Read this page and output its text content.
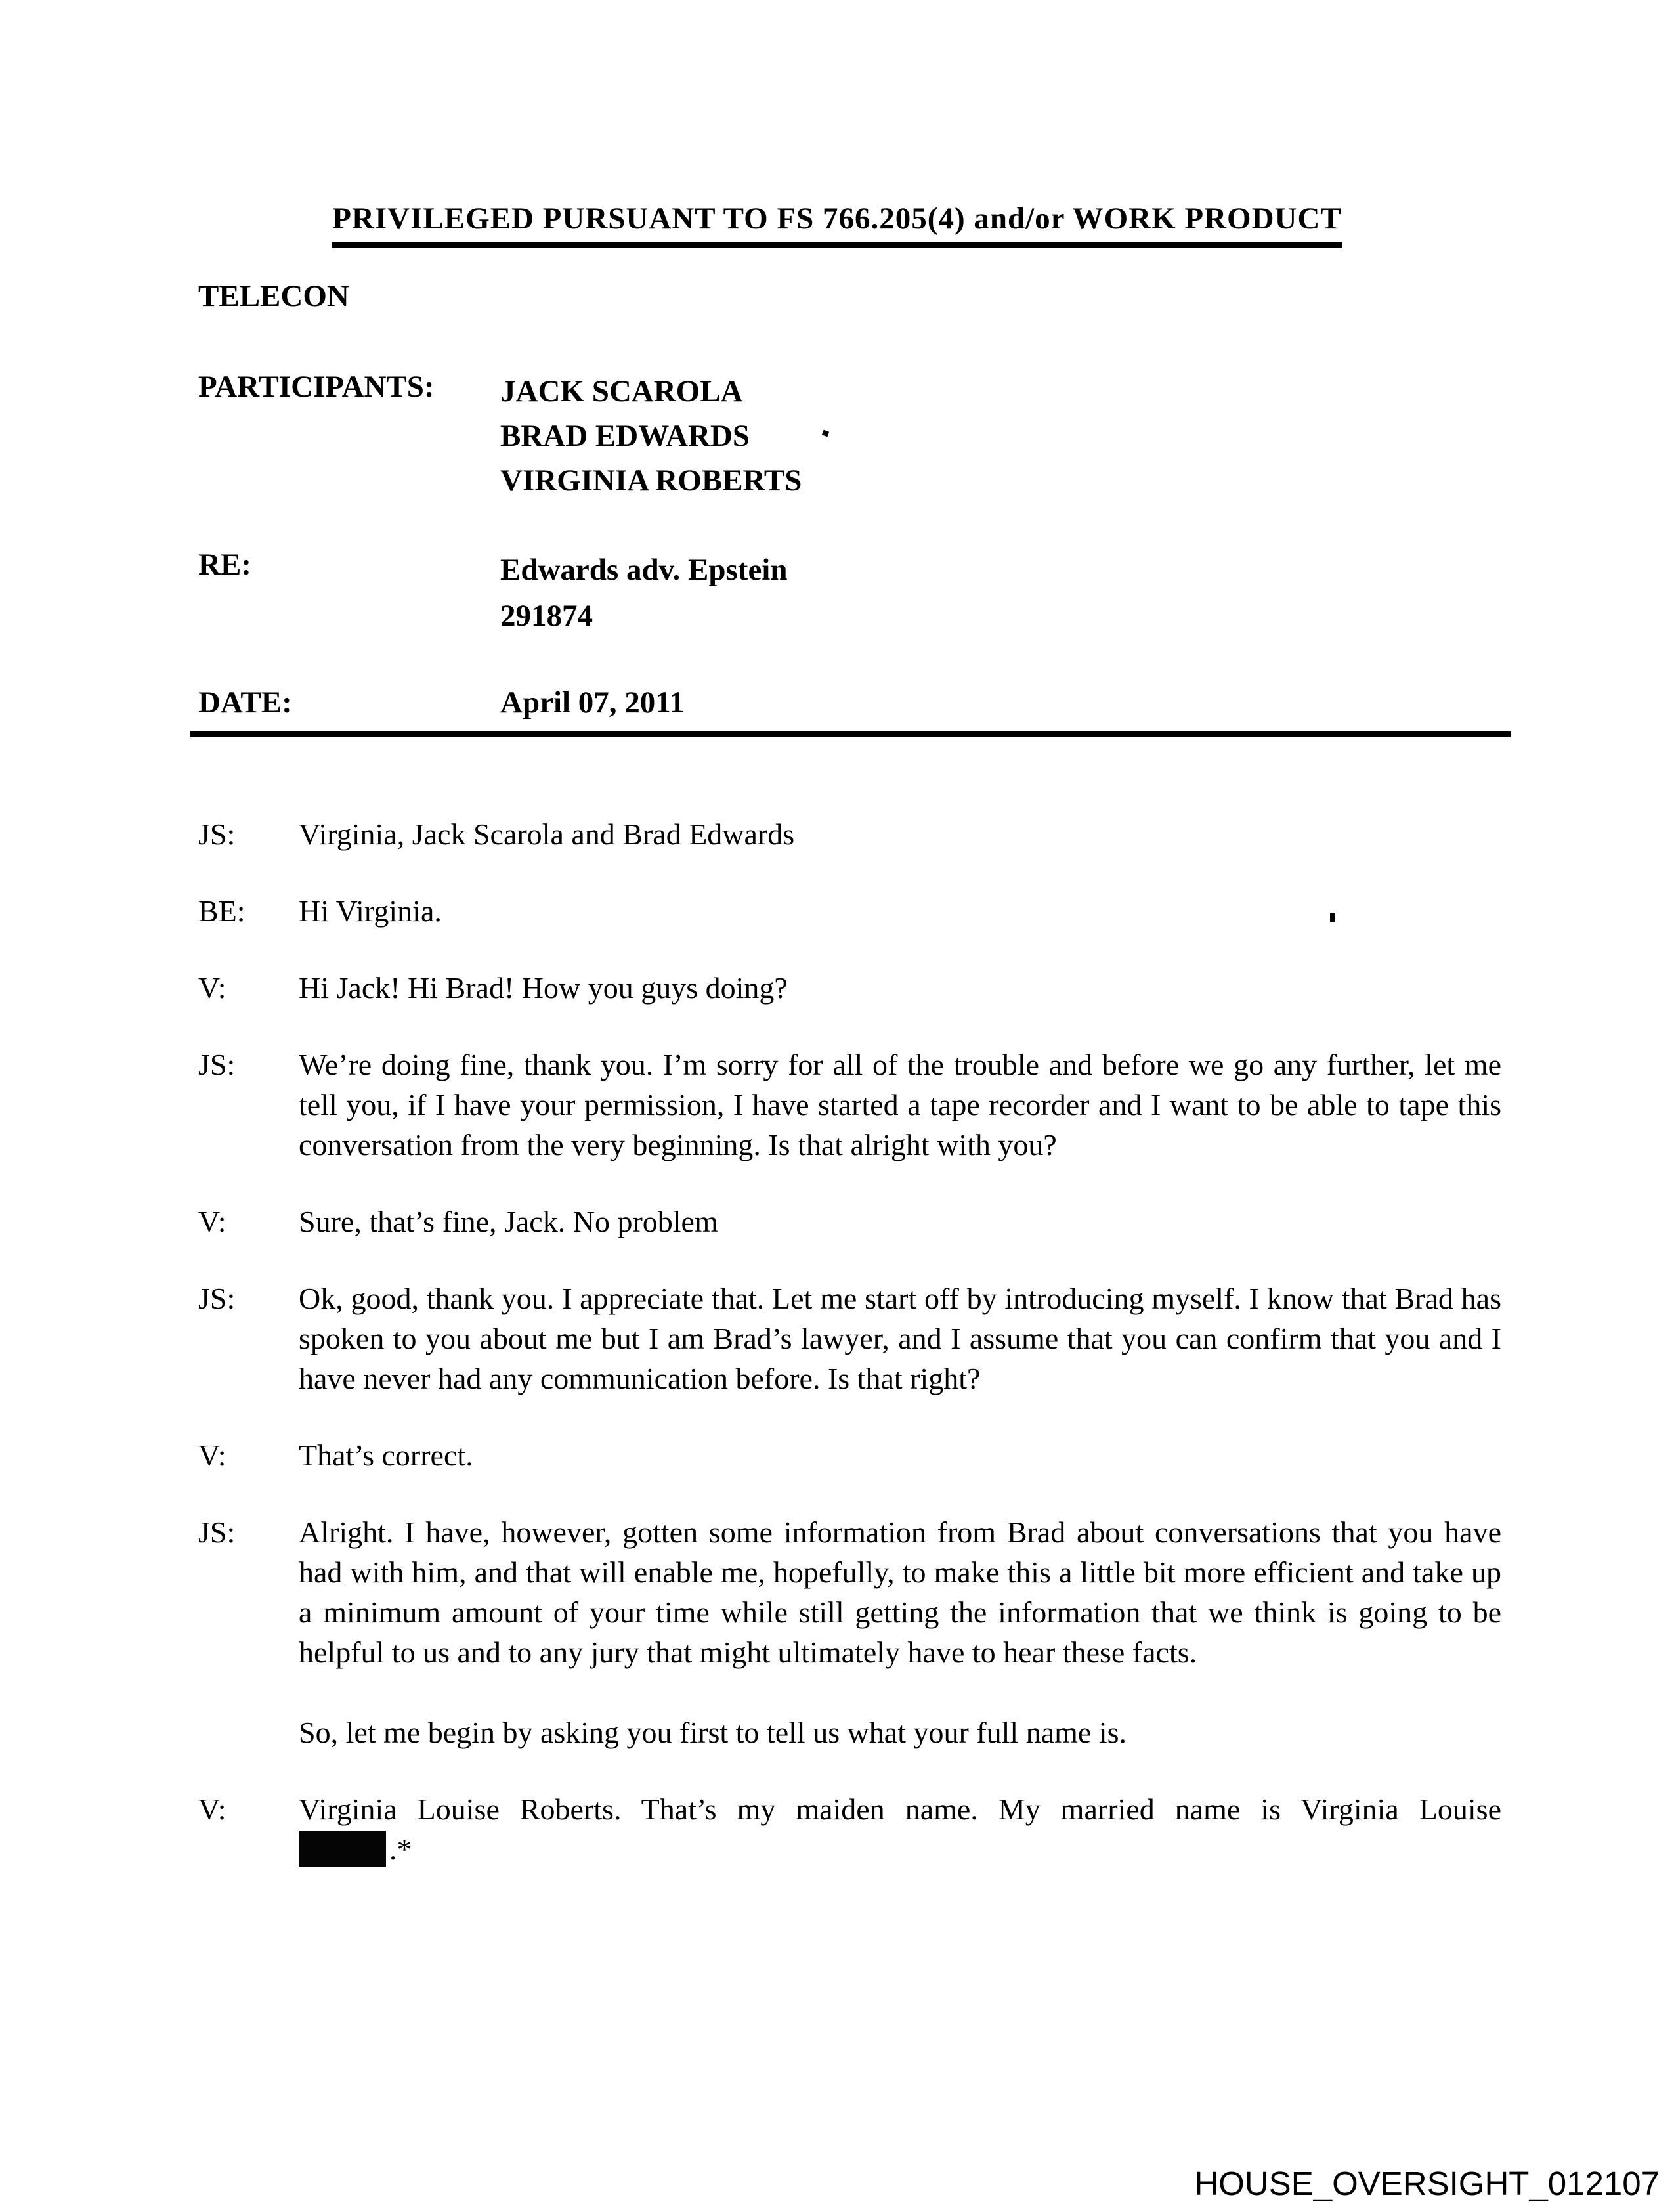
PRIVILEGED PURSUANT TO FS 766.205(4) and/or WORK PRODUCT
TELECON
PARTICIPANTS: JACK SCAROLA
BRAD EDWARDS
VIRGINIA ROBERTS
RE:	Edwards adv. Epstein
291874
DATE:	April 07, 2011
JS:	Virginia, Jack Scarola and Brad Edwards

BE:	Hi Virginia.

V:	Hi Jack! Hi Brad! How you guys doing?

JS:	We’re doing fine, thank you. I’m sorry for all of the trouble and before we go any further, let me tell you, if I have your permission, I have started a tape recorder and I want to be able to tape this conversation from the very beginning. Is that alright with you?

V:	Sure, that’s fine, Jack. No problem

JS:	Ok, good, thank you. I appreciate that. Let me start off by introducing myself. I know that Brad has spoken to you about me but I am Brad’s lawyer, and I assume that you can confirm that you and I have never had any communication before. Is that right?

V:	That’s correct.

JS:	Alright. I have, however, gotten some information from Brad about conversations that you have had with him, and that will enable me, hopefully, to make this a little bit more efficient and take up a minimum amount of your time while still getting the information that we think is going to be helpful to us and to any jury that might ultimately have to hear these facts.

So, let me begin by asking you first to tell us what your full name is.

V:	Virginia Louise Roberts. That’s my maiden name. My married name is Virginia Louise

.*
HOUSE_OVERSIGHT_012107
